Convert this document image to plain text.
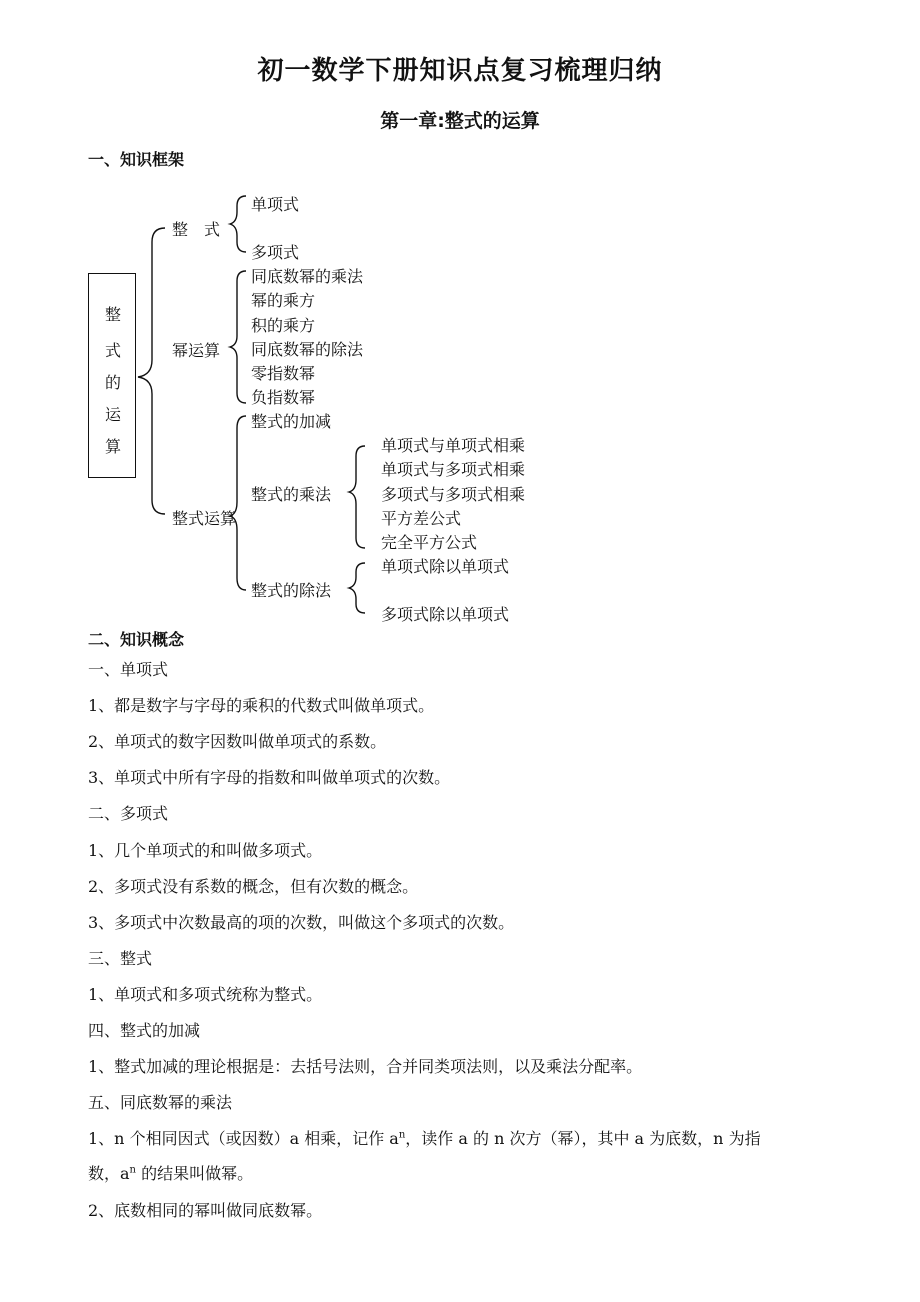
初一数学下册知识点复习梳理归纳
第一章:整式的运算
一、知识框架
整
式
的
运
算
整　式
幂运算
整式运算
单项式
多项式
同底数幂的乘法
幂的乘方
积的乘方
同底数幂的除法
零指数幂
负指数幂
整式的加减
整式的乘法
整式的除法
单项式与单项式相乘
单项式与多项式相乘
多项式与多项式相乘
平方差公式
完全平方公式
单项式除以单项式
多项式除以单项式
二、知识概念
一、单项式
1、都是数字与字母的乘积的代数式叫做单项式。
2、单项式的数字因数叫做单项式的系数。
3、单项式中所有字母的指数和叫做单项式的次数。
二、多项式
1、几个单项式的和叫做多项式。
2、多项式没有系数的概念，但有次数的概念。
3、多项式中次数最高的项的次数，叫做这个多项式的次数。
三、整式
1、单项式和多项式统称为整式。
四、整式的加减
1、整式加减的理论根据是：去括号法则，合并同类项法则，以及乘法分配率。
五、同底数幂的乘法
1、n 个相同因式（或因数）a 相乘，记作 $a^n$，读作 a 的 n 次方（幂），其中 a 为底数，n 为指
数，$a^n$ 的结果叫做幂。
2、底数相同的幂叫做同底数幂。
